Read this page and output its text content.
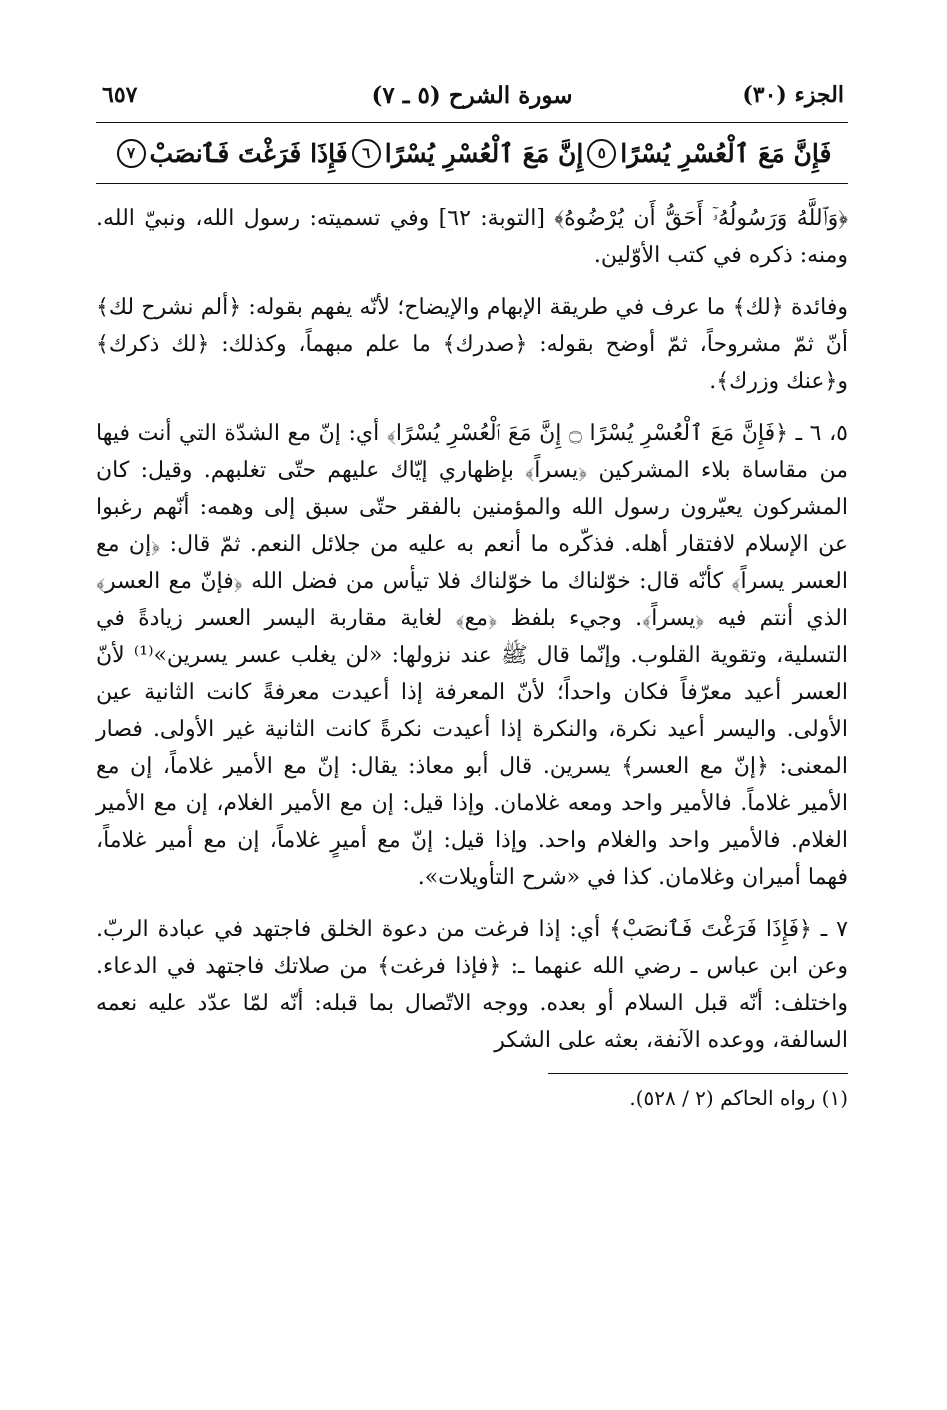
الجزء (٣٠)
سورة الشرح (٥ ـ ٧)
٦٥٧
فَإِنَّ مَعَ ٱلْعُسْرِ يُسْرًا
٥
إِنَّ مَعَ ٱلْعُسْرِ يُسْرًا
٦
فَإِذَا فَرَغْتَ فَٱنصَبْ
٧

﴿وَٱللَّهُ وَرَسُولُهُۥٓ أَحَقُّ أَن يُرْضُوهُ﴾ [التوبة: ٦٢] وفي تسميته: رسول الله، ونبيّ الله. ومنه: ذكره في كتب الأوّلين.

وفائدة ﴿لك﴾ ما عرف في طريقة الإبهام والإيضاح؛ لأنّه يفهم بقوله: ﴿ألم نشرح لك﴾ أنّ ثمّ مشروحاً، ثمّ أوضح بقوله: ﴿صدرك﴾ ما علم مبهماً، وكذلك: ﴿لك ذكرك﴾ و﴿عنك وزرك﴾.

٥، ٦ ـ ﴿فَإِنَّ مَعَ ٱلْعُسْرِ يُسْرًا ۝ إِنَّ مَعَ ٱلْعُسْرِ يُسْرًا﴾ أي: إنّ مع الشدّة التي أنت فيها من مقاساة بلاء المشركين ﴿يسراً﴾ بإظهاري إيّاك عليهم حتّى تغلبهم. وقيل: كان المشركون يعيّرون رسول الله والمؤمنين بالفقر حتّى سبق إلى وهمه: أنّهم رغبوا عن الإسلام لافتقار أهله. فذكّره ما أنعم به عليه من جلائل النعم. ثمّ قال: ﴿إن مع العسر يسراً﴾ كأنّه قال: خوّلناك ما خوّلناك فلا تيأس من فضل الله ﴿فإنّ مع العسر﴾ الذي أنتم فيه ﴿يسراً﴾. وجيء بلفظ ﴿مع﴾ لغاية مقاربة اليسر العسر زيادةً في التسلية، وتقوية القلوب. وإنّما قال ﷺ عند نزولها: «لن يغلب عسر يسرين»⁽¹⁾ لأنّ العسر أعيد معرّفاً فكان واحداً؛ لأنّ المعرفة إذا أعيدت معرفةً كانت الثانية عين الأولى. واليسر أعيد نكرة، والنكرة إذا أعيدت نكرةً كانت الثانية غير الأولى. فصار المعنى: ﴿إنّ مع العسر﴾ يسرين. قال أبو معاذ: يقال: إنّ مع الأمير غلاماً، إن مع الأمير غلاماً. فالأمير واحد ومعه غلامان. وإذا قيل: إن مع الأمير الغلام، إن مع الأمير الغلام. فالأمير واحد والغلام واحد. وإذا قيل: إنّ مع أميرٍ غلاماً، إن مع أمير غلاماً، فهما أميران وغلامان. كذا في «شرح التأويلات».

٧ ـ ﴿فَإِذَا فَرَغْتَ فَٱنصَبْ﴾ أي: إذا فرغت من دعوة الخلق فاجتهد في عبادة الربّ. وعن ابن عباس ـ رضي الله عنهما ـ: ﴿فإذا فرغت﴾ من صلاتك فاجتهد في الدعاء. واختلف: أنّه قبل السلام أو بعده. ووجه الاتّصال بما قبله: أنّه لمّا عدّد عليه نعمه السالفة، ووعده الآنفة، بعثه على الشكر

(١) رواه الحاكم (٢ / ٥٢٨).
